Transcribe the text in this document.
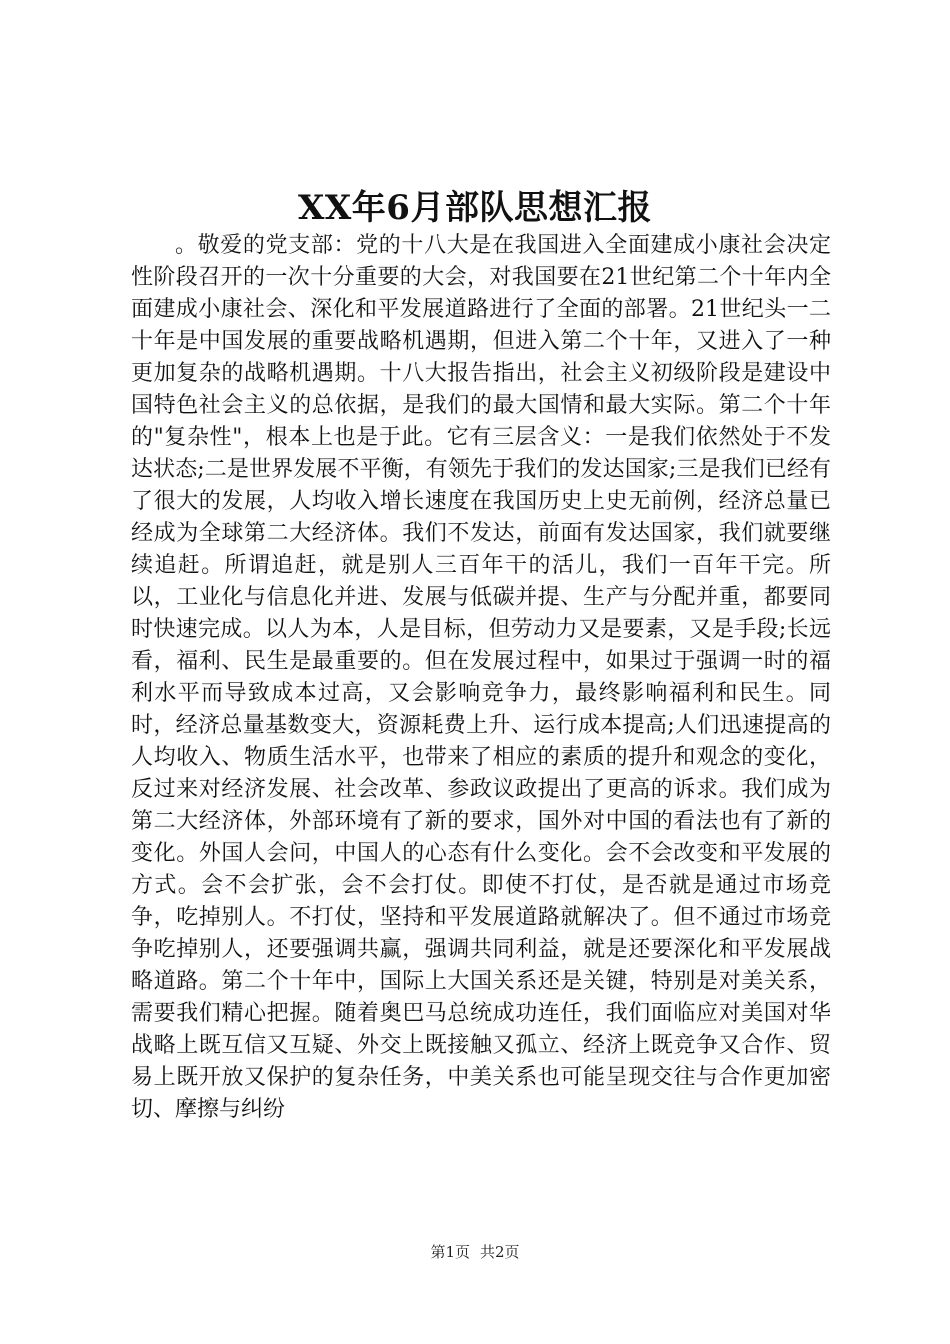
XX年6月部队思想汇报

。敬爱的党支部：党的十八大是在我国进入全面建成小康社会决定性阶段召开的一次十分重要的大会，对我国要在21世纪第二个十年内全面建成小康社会、深化和平发展道路进行了全面的部署。21世纪头一二十年是中国发展的重要战略机遇期，但进入第二个十年，又进入了一种更加复杂的战略机遇期。十八大报告指出，社会主义初级阶段是建设中国特色社会主义的总依据，是我们的最大国情和最大实际。第二个十年的"复杂性"，根本上也是于此。它有三层含义：一是我们依然处于不发达状态;二是世界发展不平衡，有领先于我们的发达国家;三是我们已经有了很大的发展，人均收入增长速度在我国历史上史无前例，经济总量已经成为全球第二大经济体。我们不发达，前面有发达国家，我们就要继续追赶。所谓追赶，就是别人三百年干的活儿，我们一百年干完。所以，工业化与信息化并进、发展与低碳并提、生产与分配并重，都要同时快速完成。以人为本，人是目标，但劳动力又是要素，又是手段;长远看，福利、民生是最重要的。但在发展过程中，如果过于强调一时的福利水平而导致成本过高，又会影响竞争力，最终影响福利和民生。同时，经济总量基数变大，资源耗费上升、运行成本提高;人们迅速提高的人均收入、物质生活水平，也带来了相应的素质的提升和观念的变化，反过来对经济发展、社会改革、参政议政提出了更高的诉求。我们成为第二大经济体，外部环境有了新的要求，国外对中国的看法也有了新的变化。外国人会问，中国人的心态有什么变化。会不会改变和平发展的方式。会不会扩张，会不会打仗。即使不打仗，是否就是通过市场竞争，吃掉别人。不打仗，坚持和平发展道路就解决了。但不通过市场竞争吃掉别人，还要强调共赢，强调共同利益，就是还要深化和平发展战略道路。第二个十年中，国际上大国关系还是关键，特别是对美关系，需要我们精心把握。随着奥巴马总统成功连任，我们面临应对美国对华战略上既互信又互疑、外交上既接触又孤立、经济上既竞争又合作、贸易上既开放又保护的复杂任务，中美关系也可能呈现交往与合作更加密切、摩擦与纠纷

第1页 共2页
